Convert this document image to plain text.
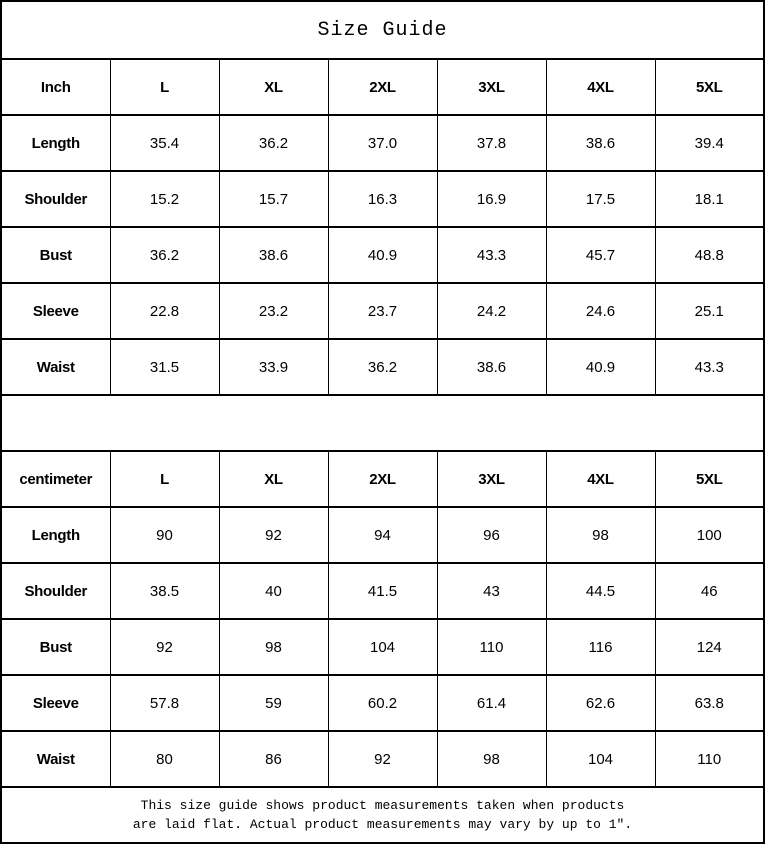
Size Guide						
Inch	L	XL	2XL	3XL	4XL	5XL
Length	35.4	36.2	37.0	37.8	38.6	39.4
Shoulder	15.2	15.7	16.3	16.9	17.5	18.1
Bust	36.2	38.6	40.9	43.3	45.7	48.8
Sleeve	22.8	23.2	23.7	24.2	24.6	25.1
Waist	31.5	33.9	36.2	38.6	40.9	43.3

centimeter	L	XL	2XL	3XL	4XL	5XL
Length	90	92	94	96	98	100
Shoulder	38.5	40	41.5	43	44.5	46
Bust	92	98	104	110	116	124
Sleeve	57.8	59	60.2	61.4	62.6	63.8
Waist	80	86	92	98	104	110

This size guide shows product measurements taken when products
are laid flat. Actual product measurements may vary by up to 1″.						
